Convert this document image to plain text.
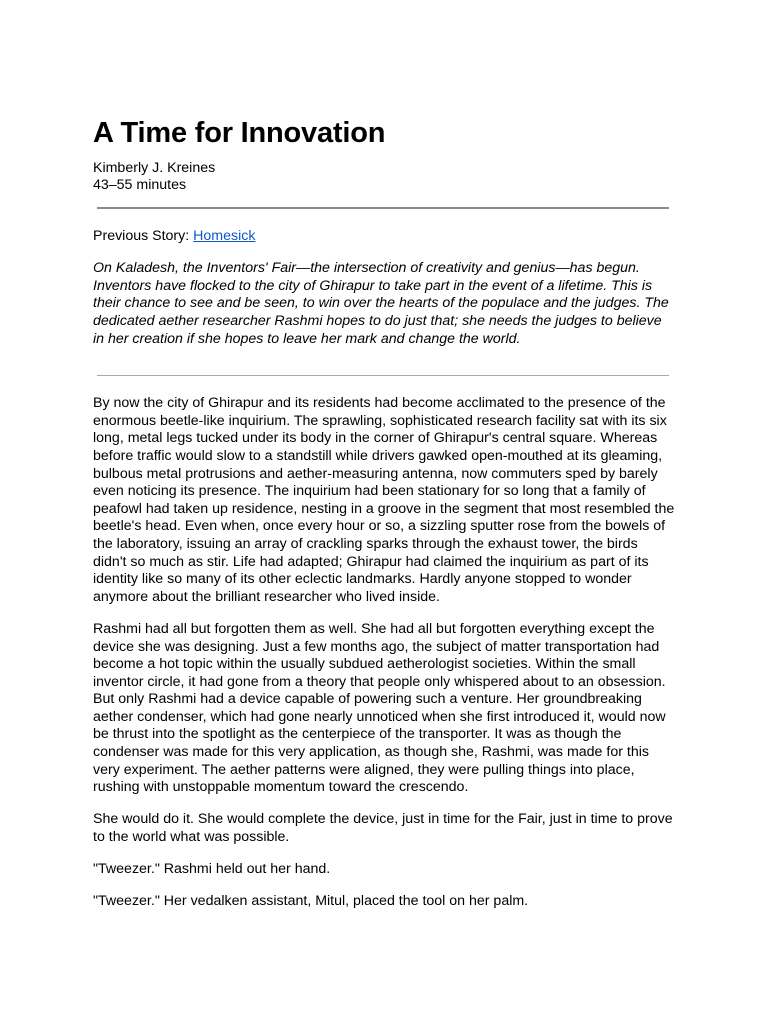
A Time for Innovation
Kimberly J. Kreines
43–55 minutes
Previous Story: Homesick
On Kaladesh, the Inventors' Fair—the intersection of creativity and genius—has begun. Inventors have flocked to the city of Ghirapur to take part in the event of a lifetime. This is their chance to see and be seen, to win over the hearts of the populace and the judges. The dedicated aether researcher Rashmi hopes to do just that; she needs the judges to believe in her creation if she hopes to leave her mark and change the world.

By now the city of Ghirapur and its residents had become acclimated to the presence of the enormous beetle-like inquirium. The sprawling, sophisticated research facility sat with its six long, metal legs tucked under its body in the corner of Ghirapur's central square. Whereas before traffic would slow to a standstill while drivers gawked open-mouthed at its gleaming, bulbous metal protrusions and aether-measuring antenna, now commuters sped by barely even noticing its presence. The inquirium had been stationary for so long that a family of peafowl had taken up residence, nesting in a groove in the segment that most resembled the beetle's head. Even when, once every hour or so, a sizzling sputter rose from the bowels of the laboratory, issuing an array of crackling sparks through the exhaust tower, the birds didn't so much as stir. Life had adapted; Ghirapur had claimed the inquirium as part of its identity like so many of its other eclectic landmarks. Hardly anyone stopped to wonder anymore about the brilliant researcher who lived inside.

Rashmi had all but forgotten them as well. She had all but forgotten everything except the device she was designing. Just a few months ago, the subject of matter transportation had become a hot topic within the usually subdued aetherologist societies. Within the small inventor circle, it had gone from a theory that people only whispered about to an obsession. But only Rashmi had a device capable of powering such a venture. Her groundbreaking aether condenser, which had gone nearly unnoticed when she first introduced it, would now be thrust into the spotlight as the centerpiece of the transporter. It was as though the condenser was made for this very application, as though she, Rashmi, was made for this very experiment. The aether patterns were aligned, they were pulling things into place, rushing with unstoppable momentum toward the crescendo.

She would do it. She would complete the device, just in time for the Fair, just in time to prove to the world what was possible.

"Tweezer." Rashmi held out her hand.

"Tweezer." Her vedalken assistant, Mitul, placed the tool on her palm.
